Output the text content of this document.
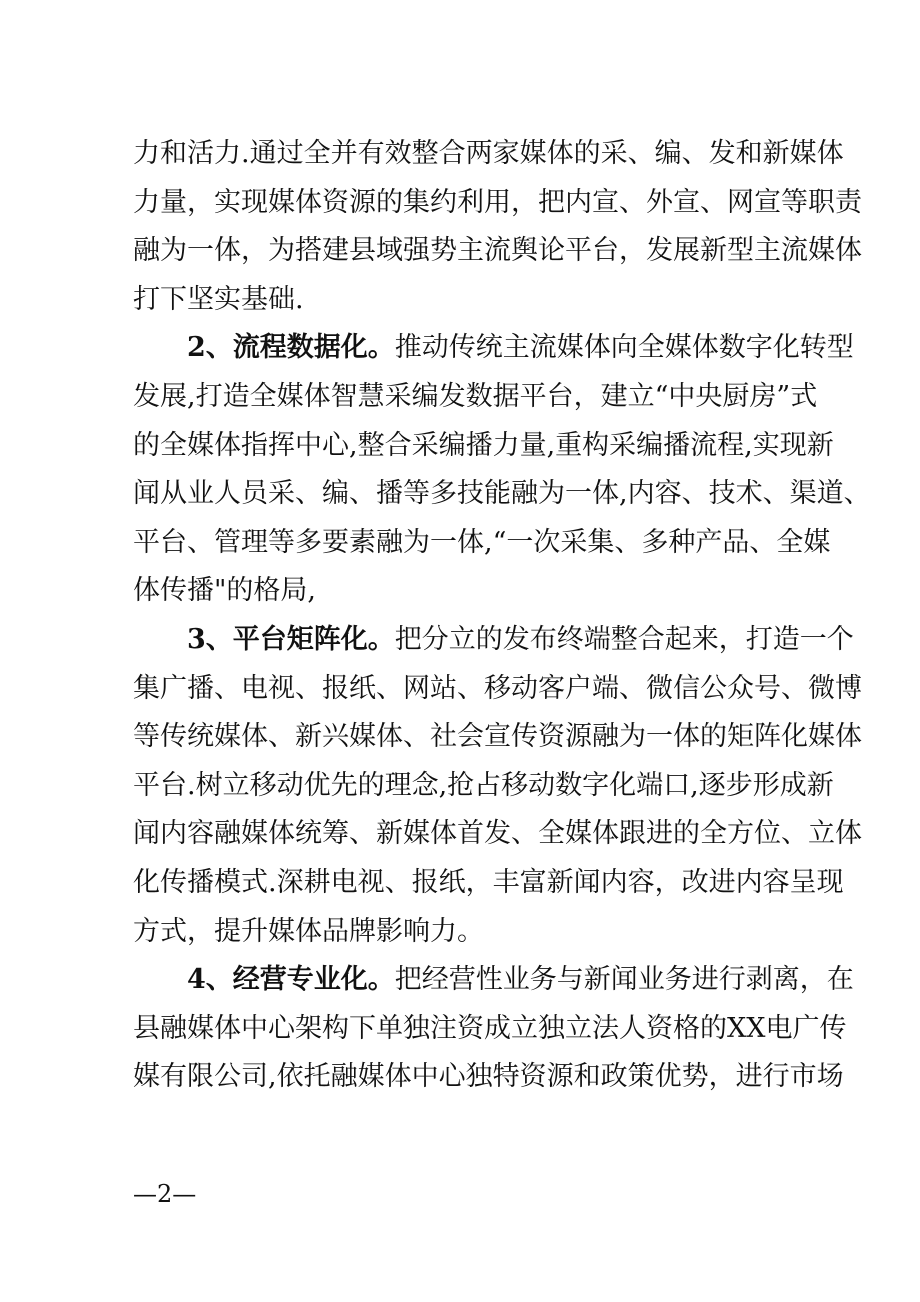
力和活力.通过全并有效整合两家媒体的采、编、发和新媒体
力量，实现媒体资源的集约利用，把内宣、外宣、网宣等职责
融为一体，为搭建县域强势主流舆论平台，发展新型主流媒体
打下坚实基础.
2、流程数据化。推动传统主流媒体向全媒体数字化转型
发展,打造全媒体智慧采编发数据平台，建立“中央厨房”式
的全媒体指挥中心,整合采编播力量,重构采编播流程,实现新
闻从业人员采、编、播等多技能融为一体,内容、技术、渠道、
平台、管理等多要素融为一体,“一次采集、多种产品、全媒
体传播"的格局,
3、平台矩阵化。把分立的发布终端整合起来，打造一个
集广播、电视、报纸、网站、移动客户端、微信公众号、微博
等传统媒体、新兴媒体、社会宣传资源融为一体的矩阵化媒体
平台.树立移动优先的理念,抢占移动数字化端口,逐步形成新
闻内容融媒体统筹、新媒体首发、全媒体跟进的全方位、立体
化传播模式.深耕电视、报纸，丰富新闻内容，改进内容呈现
方式，提升媒体品牌影响力。
4、经营专业化。把经营性业务与新闻业务进行剥离，在
县融媒体中心架构下单独注资成立独立法人资格的XX电广传
媒有限公司,依托融媒体中心独特资源和政策优势，进行市场
—2—
